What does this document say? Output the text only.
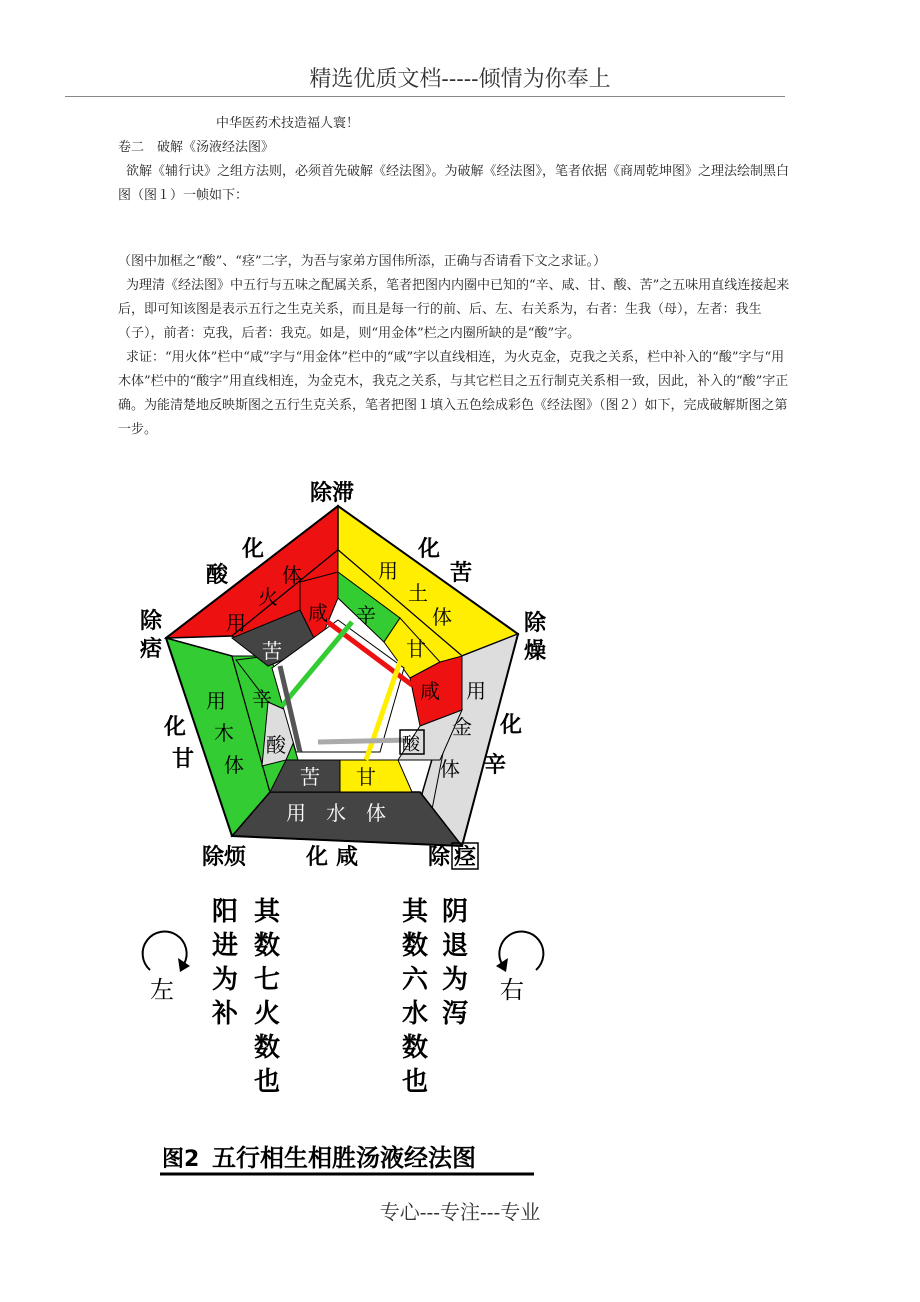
精选优质文档-----倾情为你奉上

中华医药术技造福人寰！

卷二　破解《汤液经法图》

欲解《辅行诀》之组方法则，必须首先破解《经法图》。为破解《经法图》，笔者依据《商周乾坤图》之理法绘制黑白图（图１）一帧如下：

（图中加框之“酸”、“痉”二字，为吾与家弟方国伟所添，正确与否请看下文之求证。）

为理清《经法图》中五行与五味之配属关系，笔者把图内内圈中已知的“辛、咸、甘、酸、苦”之五味用直线连接起来后，即可知该图是表示五行之生克关系，而且是每一行的前、后、左、右关系为，右者：生我（母），左者：我生（子），前者：克我，后者：我克。如是，则“用金体”栏之内圈所缺的是“酸”字。

求证：“用火体”栏中“咸”字与“用金体”栏中的“咸”字以直线相连，为火克金，克我之关系，栏中补入的“酸”字与“用木体”栏中的“酸字”用直线相连，为金克木，我克之关系，与其它栏目之五行制克关系相一致，因此，补入的“酸”字正确。为能清楚地反映斯图之五行生克关系，笔者把图１填入五色绘成彩色《经法图》（图２）如下，完成破解斯图之第一步。

除滞
除
燥
除 痉
除烦
除
痞
化
酸
化
苦
化
辛
化 咸
化
甘
体
火
用
用
土
体
用
金
体
用 水 体
用
木
体
咸 辛
甘
咸
酸
甘
苦
酸
辛
苦
左	右
阳
进
为
补
其
数
七
火
数
也
其
数
六
水
数
也
阴
退
为
泻
图2 五行相生相胜汤液经法图
专心---专注---专业
